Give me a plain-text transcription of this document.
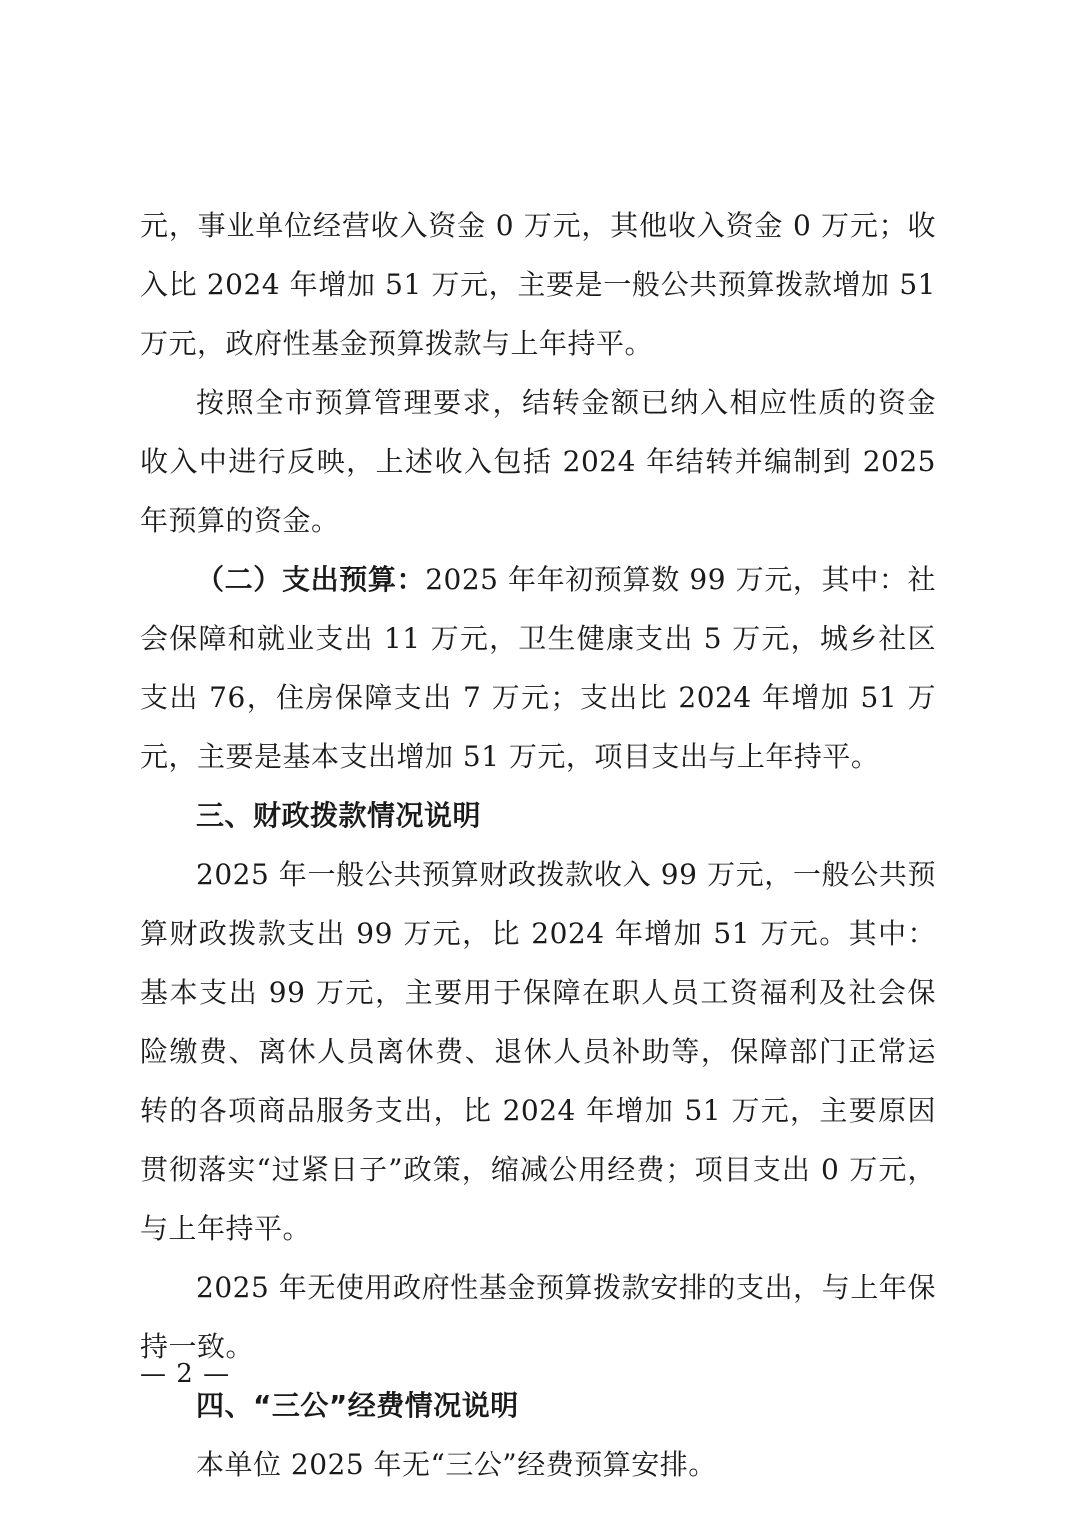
元，事业单位经营收入资金 0 万元，其他收入资金 0 万元；收入比 2024 年增加 51 万元，主要是一般公共预算拨款增加 51 万元，政府性基金预算拨款与上年持平。

按照全市预算管理要求，结转金额已纳入相应性质的资金收入中进行反映，上述收入包括 2024 年结转并编制到 2025 年预算的资金。

（二）支出预算：2025 年年初预算数 99 万元，其中：社会保障和就业支出 11 万元，卫生健康支出 5 万元，城乡社区支出 76，住房保障支出 7 万元；支出比 2024 年增加 51 万元，主要是基本支出增加 51 万元，项目支出与上年持平。

三、财政拨款情况说明

2025 年一般公共预算财政拨款收入 99 万元，一般公共预算财政拨款支出 99 万元，比 2024 年增加 51 万元。其中：基本支出 99 万元，主要用于保障在职人员工资福利及社会保险缴费、离休人员离休费、退休人员补助等，保障部门正常运转的各项商品服务支出，比 2024 年增加 51 万元，主要原因贯彻落实“过紧日子”政策，缩减公用经费；项目支出 0 万元，与上年持平。

2025 年无使用政府性基金预算拨款安排的支出，与上年保持一致。

四、“三公”经费情况说明

本单位 2025 年无“三公”经费预算安排。

— 2 —
